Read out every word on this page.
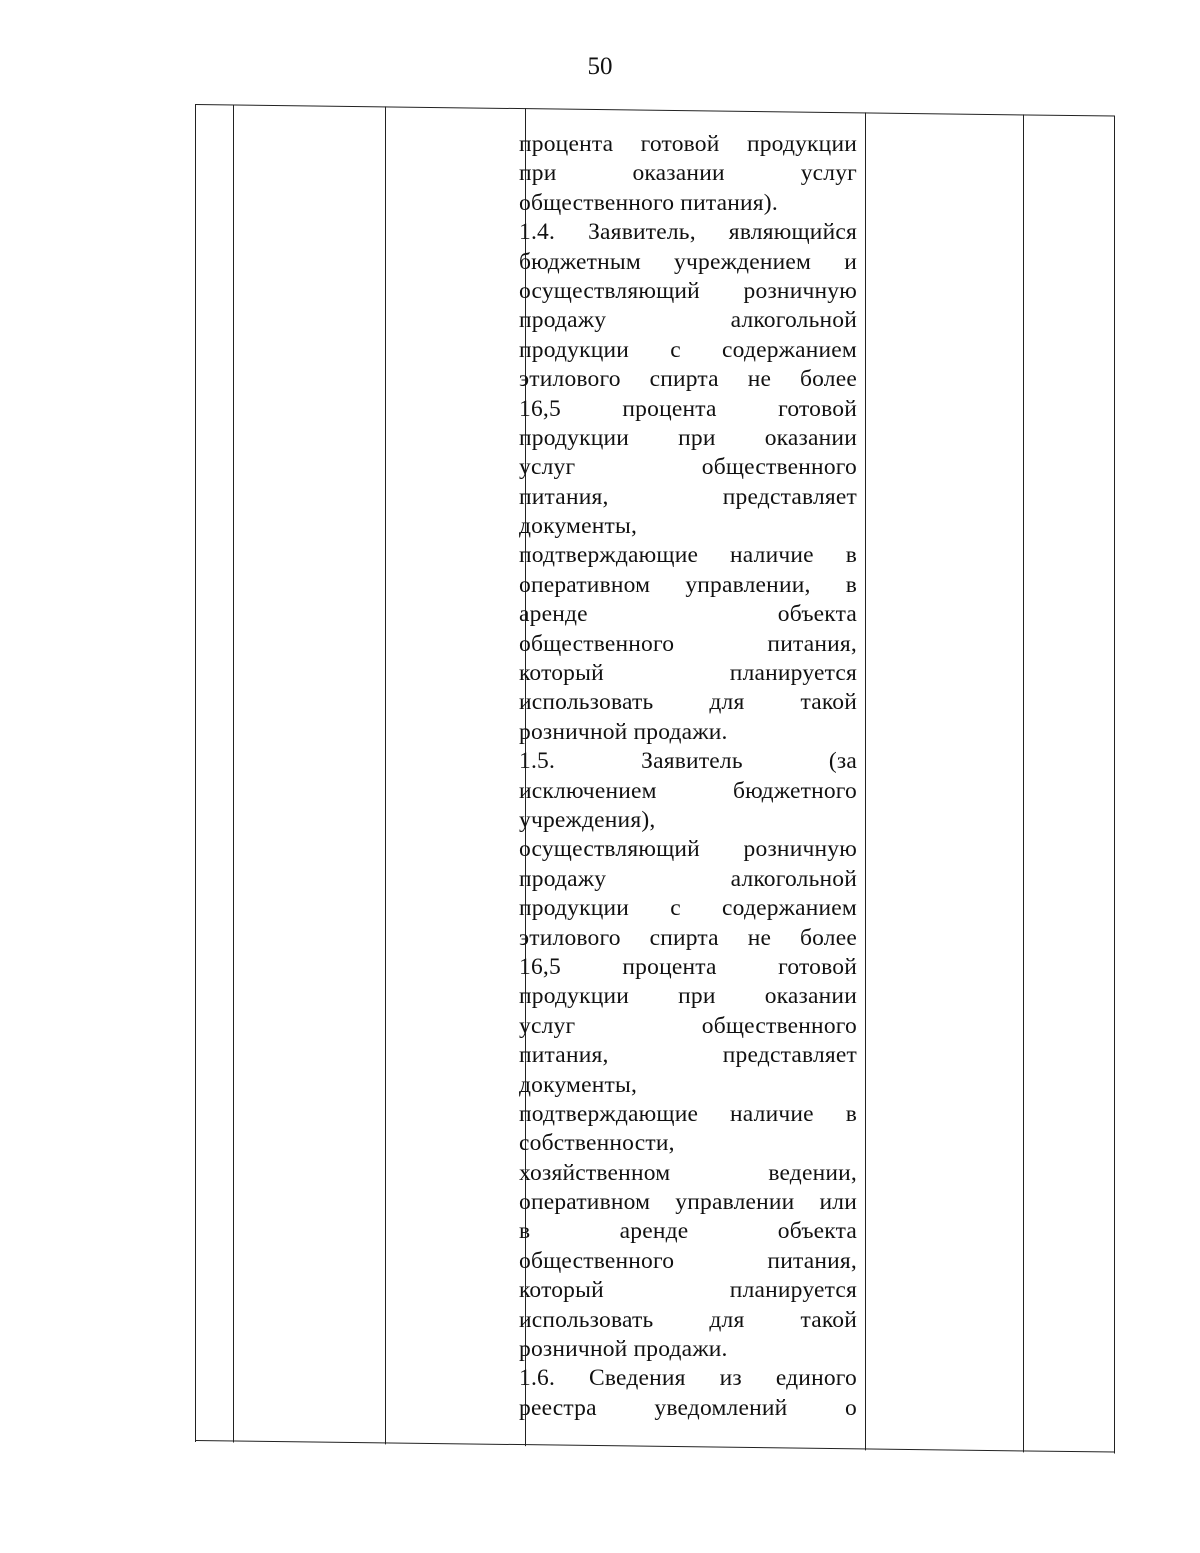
50
процента готовой продукции
при оказании услуг
общественного питания).
1.4. Заявитель, являющийся
бюджетным учреждением и
осуществляющий розничную
продажу алкогольной
продукции с содержанием
этилового спирта не более
16,5 процента готовой
продукции при оказании
услуг общественного
питания, представляет
документы,
подтверждающие наличие в
оперативном управлении, в
аренде объекта
общественного питания,
который планируется
использовать для такой
розничной продажи.
1.5. Заявитель (за
исключением бюджетного
учреждения),
осуществляющий розничную
продажу алкогольной
продукции с содержанием
этилового спирта не более
16,5 процента готовой
продукции при оказании
услуг общественного
питания, представляет
документы,
подтверждающие наличие в
собственности,
хозяйственном ведении,
оперативном управлении или
в аренде объекта
общественного питания,
который планируется
использовать для такой
розничной продажи.
1.6. Сведения из единого
реестра уведомлений о
